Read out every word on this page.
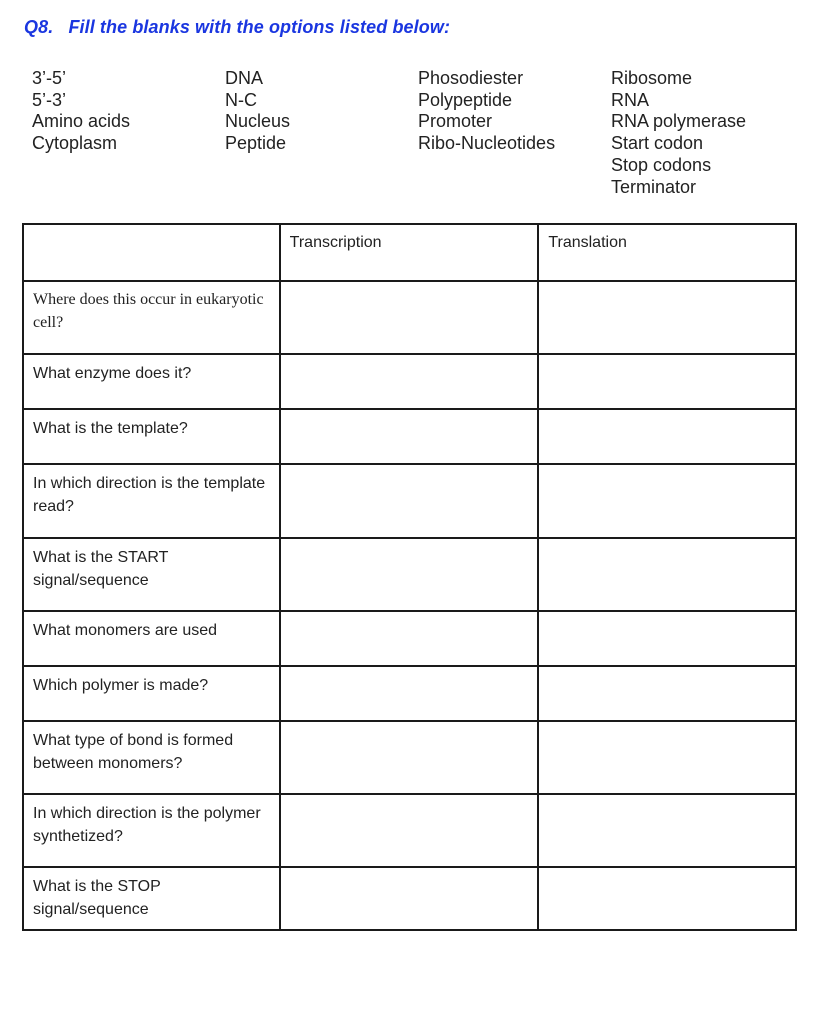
Q8. Fill the blanks with the options listed below:
3’-5’
5’-3’
Amino acids
Cytoplasm
DNA
N-C
Nucleus
Peptide
Phosodiester
Polypeptide
Promoter
Ribo-Nucleotides
Ribosome
RNA
RNA polymerase
Start codon
Stop codons
Terminator
	Transcription	Translation
Where does this occur in eukaryotic cell?		
What enzyme does it?		
What is the template?		
In which direction is the template read?		
What is the START signal/sequence		
What monomers are used		
Which polymer is made?		
What type of bond is formed between monomers?		
In which direction is the polymer synthetized?		
What is the STOP signal/sequence		
